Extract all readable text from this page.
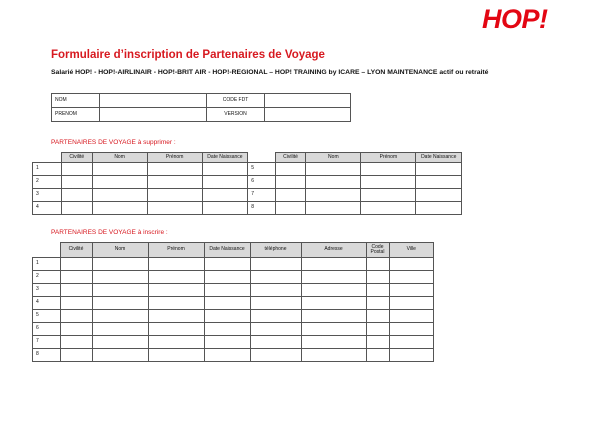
HOP!
Formulaire d’inscription de Partenaires de Voyage
Salarié HOP! - HOP!-AIRLINAIR - HOP!-BRIT AIR - HOP!-REGIONAL – HOP! TRAINING by ICARE – LYON MAINTENANCE actif ou retraité
NOM		CODE FDT	
PRENOM		VERSION	
PARTENAIRES DE VOYAGE à supprimer :
	Civilité	Nom	Prénom	Date Naissance		Civilité	Nom	Prénom	Date Naissance
1					5				
2					6				
3					7				
4					8				
PARTENAIRES DE VOYAGE à inscrire :
	Civilité	Nom	Prénom	Date Naissance	téléphone	Adresse	Code Postal	Ville
1								
2								
3								
4								
5								
6								
7								
8								
